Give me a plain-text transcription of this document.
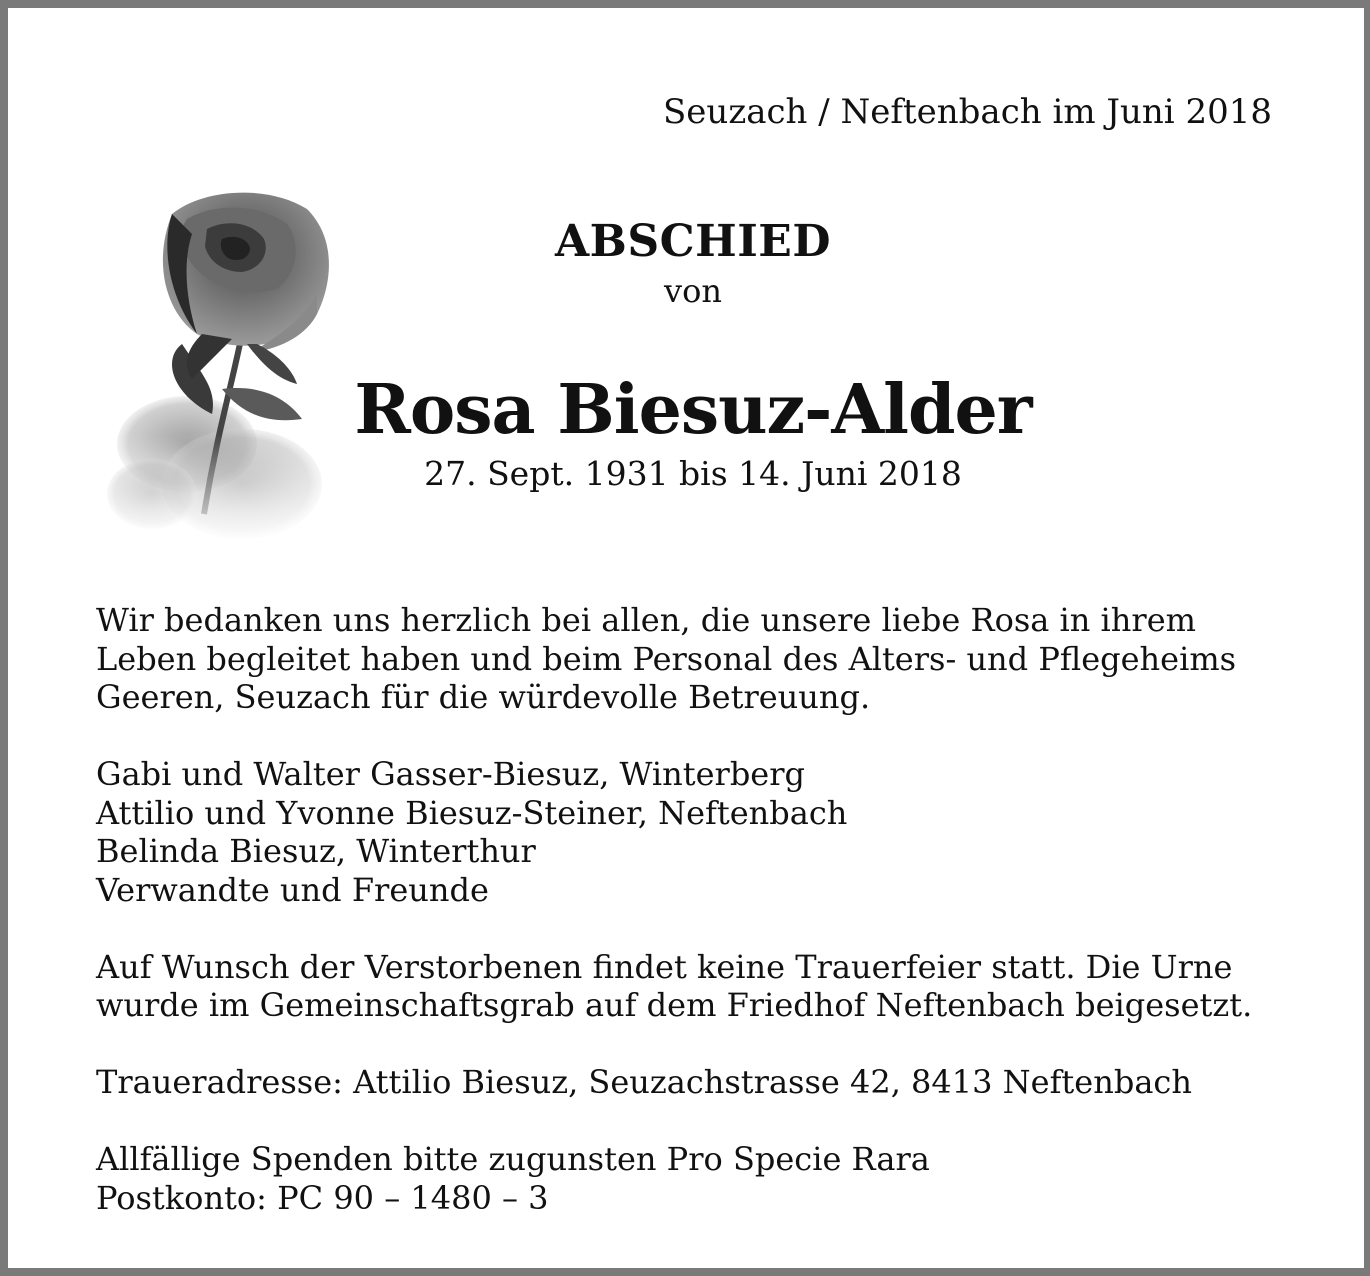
Seuzach / Neftenbach im Juni 2018
ABSCHIED
von
Rosa Biesuz-Alder
27. Sept. 1931 bis 14. Juni 2018
Wir bedanken uns herzlich bei allen, die unsere liebe Rosa in ihrem
Leben begleitet haben und beim Personal des Alters- und Pflegeheims
Geeren, Seuzach für die würdevolle Betreuung.
Gabi und Walter Gasser-Biesuz, Winterberg
Attilio und Yvonne Biesuz-Steiner, Neftenbach
Belinda Biesuz, Winterthur
Verwandte und Freunde
Auf Wunsch der Verstorbenen findet keine Trauerfeier statt. Die Urne
wurde im Gemeinschaftsgrab auf dem Friedhof Neftenbach beigesetzt.
Traueradresse: Attilio Biesuz, Seuzachstrasse 42, 8413 Neftenbach
Allfällige Spenden bitte zugunsten Pro Specie Rara
Postkonto: PC 90 – 1480 – 3
